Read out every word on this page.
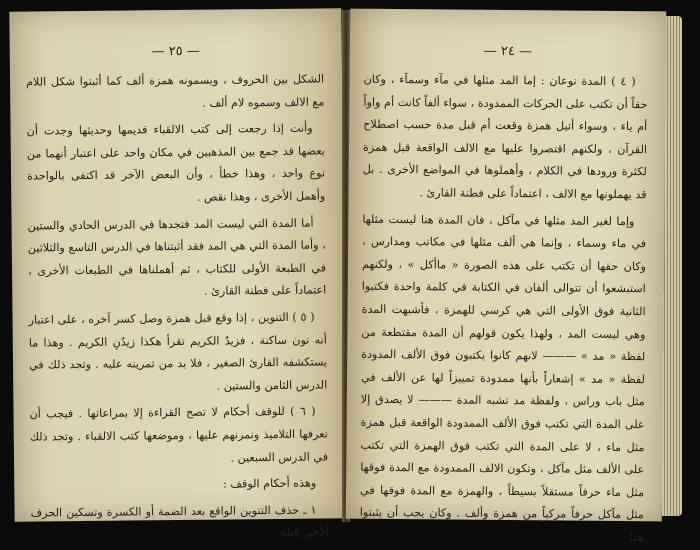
— ٢٥ —

الشكل بين الحروف ، ويسمونه همزة ألف كما أثبتوا شكل اللام مع الالف وسموه لام ألف .

وأنت إذا رجعت إلى كتب الالقباء قديمها وحديثها وجدت أن بعضها قد جمع بين المذهبين في مكان واحد على اعتبار أنهما من نوع واحد ، وهذا خطأ ، وأن البعض الآخر قد اكتفى بالواحدة وأهمل الأخرى ، وهذا نقص .

أما المدة التي ليست المد فتجدها في الدرس الحادي والستين ، وأما المدة التي هي المد فقد أثبتناها في الدرس التاسع والثلاثين في الطبعة الأولى للكتاب ، ثم أهملناها في الطبعات الأخرى ، اعتماداً على فطنة القارئ .

( ٥ ) التنوين ، إذا وقع قبل همزة وصل كسر آخره ، على اعتبار أنه نون ساكنة ، فزيدٌ الكريم تقرأ هكذا زيدُنِ الكريم . وهذا ما يستكشفه القارئ الصغير ، فلا بد من تمرينه عليه . وتجد ذلك في الدرس الثامن والستين .

( ٦ ) للوقف أحكام لا تصح القراءة إلا بمراعاتها . فيجب أن نعرفها التلاميذ ونمرنهم عليها ، وموضعها كتب الالقباء . وتجد ذلك في الدرس السبعين .

وهذه أحكام الوقف :

١ ـ حذف التنوين الواقع بعد الضمة أو الكسرة وتسكين الحرف الأخير قبله .

— ٢٤ —

( ٤ ) المدة نوعان : إما المد مثلها في مآء وسمآء ، وكان حقاً أن تكتب على الحركات الممدودة ، سواء ألفاً كانت أم واواً أم ياء ، وسواء أتيل همزة وقعت أم قبل مدة حسب اصطلاح القرآن ، ولكنهم اقتصروا عليها مع الالف الواقعة قبل همزة لكثرة ورودها في الكلام ، وأهملوها في المواضع الأخرى . بل قد يهملونها مع الالف ، اعتماداً على فطنة القارئ .

وإما لغير المد مثلها في مآكل ، فان المدة هنا ليست مثلها في ماء وسماء ، وإنما هي ألف مثلها في مكاتب ومدارس ، وكان حقها أن تكتب على هذه الصورة « ماأكل » ، ولكنهم استبشعوا أن تتوالى ألفان في الكتابة في كلمة واحدة فكتبوا الثانية فوق الأولى التي هي كرسي للهمزة ، فأشبهت المدة وهي ليست المد ، ولهذا يكون قولهم أن المدة مقتطعة من لفظة « مد » ——— لانهم كانوا يكتبون فوق الألف المدودة لفظة « مد » إشعاراً بأنها ممدودة تمييزاً لها عن الألف في مثل باب وراس ، ولفظة مد تشبه المدة ——— لا يصدق إلا على المدة التي تكتب فوق الألف الممدودة الواقعة قبل همزة مثل ماء ، لا على المدة التي تكتب فوق الهمزة التي تكتب على الألف مثل مآكل ، وتكون الالف الممدودة مع المدة فوقها مثل ماء حرفاً مستقلاً بسيطاً ، والهمزة مع المدة فوقها في مثل مآكل حرفاً مركباً من همزة وألف . وكان يجب أن يثبتوا هذا
